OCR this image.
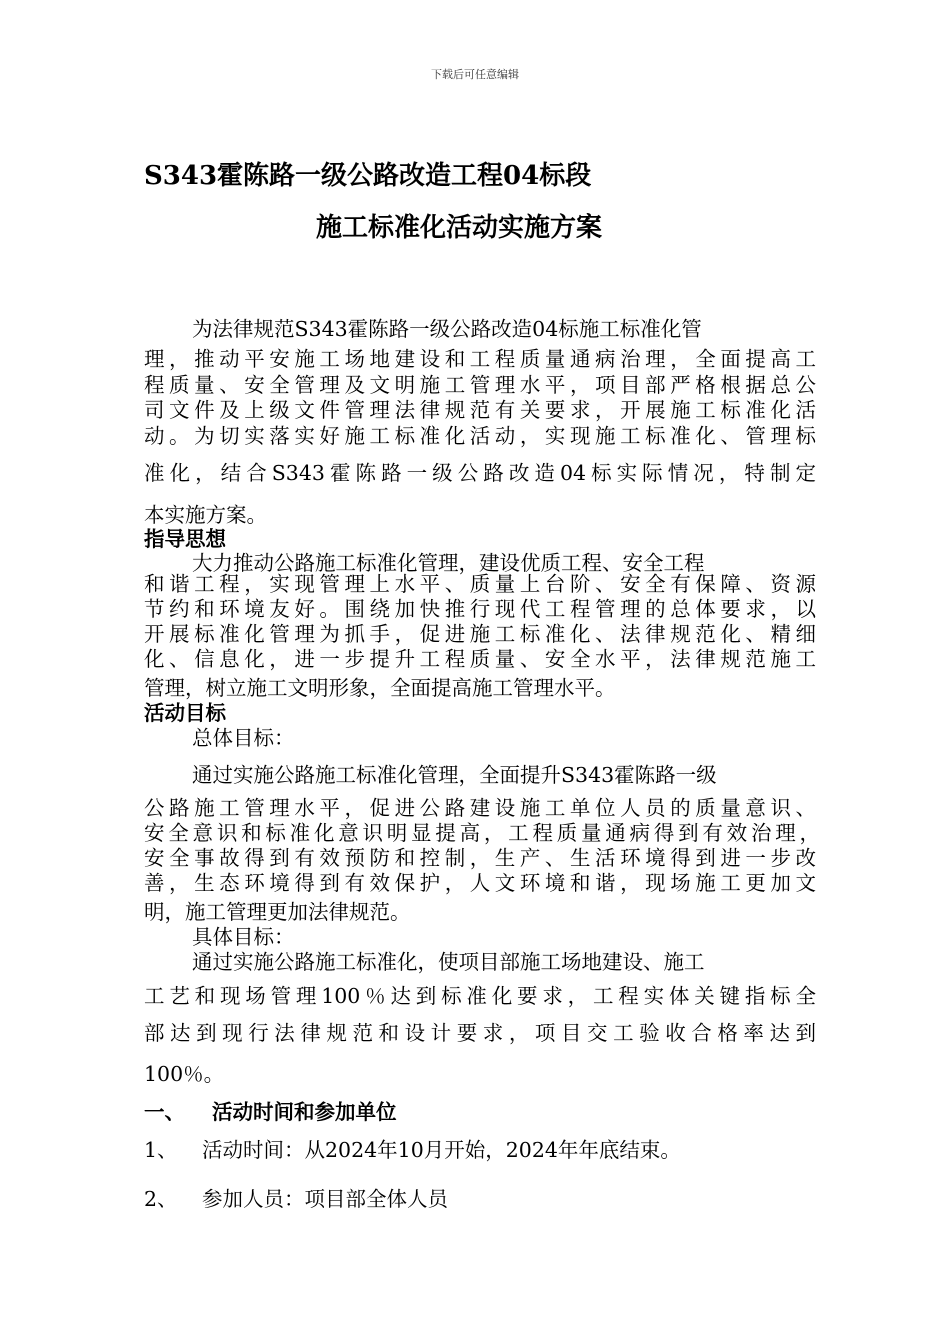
下载后可任意编辑
S343霍陈路一级公路改造工程04标段
施工标准化活动实施方案
为法律规范S343霍陈路一级公路改造04标施工标准化管
理，推动平安施工场地建设和工程质量通病治理，全面提高工
程质量、安全管理及文明施工管理水平，项目部严格根据总公
司文件及上级文件管理法律规范有关要求，开展施工标准化活
动。为切实落实好施工标准化活动，实现施工标准化、管理标
准化，结合S343霍陈路一级公路改造04标实际情况，特制定
本实施方案。
指导思想
大力推动公路施工标准化管理，建设优质工程、安全工程
和谐工程，实现管理上水平、质量上台阶、安全有保障、资源
节约和环境友好。围绕加快推行现代工程管理的总体要求，以
开展标准化管理为抓手，促进施工标准化、法律规范化、精细
化、信息化，进一步提升工程质量、安全水平，法律规范施工
管理，树立施工文明形象，全面提高施工管理水平。
活动目标
总体目标：
通过实施公路施工标准化管理，全面提升S343霍陈路一级
公路施工管理水平，促进公路建设施工单位人员的质量意识、
安全意识和标准化意识明显提高，工程质量通病得到有效治理，
安全事故得到有效预防和控制，生产、生活环境得到进一步改
善，生态环境得到有效保护，人文环境和谐，现场施工更加文
明，施工管理更加法律规范。
具体目标：
通过实施公路施工标准化，使项目部施工场地建设、施工
工艺和现场管理100％达到标准化要求，工程实体关键指标全
部达到现行法律规范和设计要求，项目交工验收合格率达到
100％。
一、 活动时间和参加单位
1、 活动时间：从2024年10月开始，2024年年底结束。
2、 参加人员：项目部全体人员
